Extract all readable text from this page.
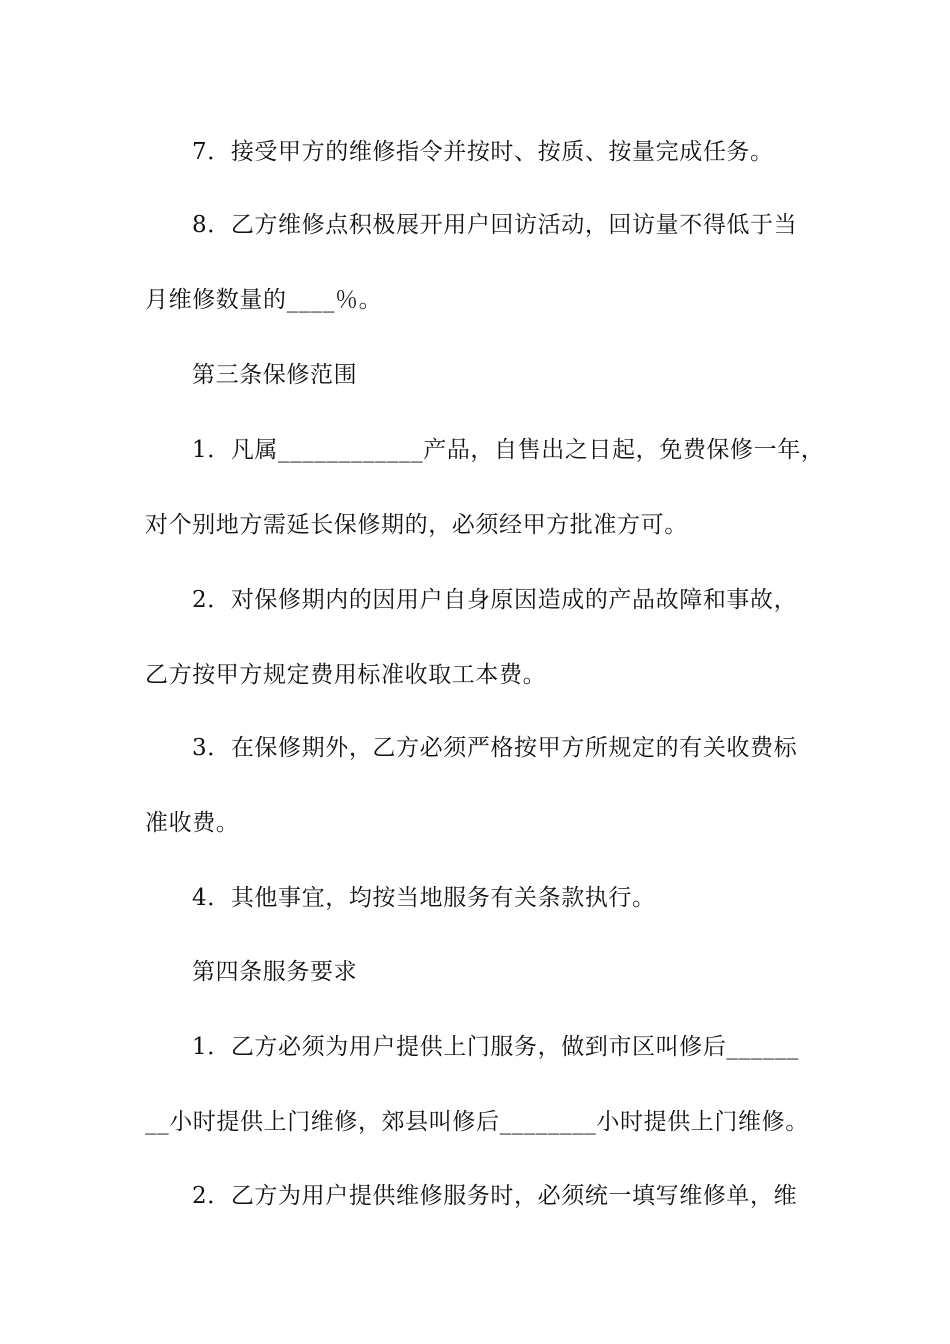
7．接受甲方的维修指令并按时、按质、按量完成任务。
8．乙方维修点积极展开用户回访活动，回访量不得低于当
月维修数量的____％。
第三条保修范围
1．凡属____________产品，自售出之日起，免费保修一年，
对个别地方需延长保修期的，必须经甲方批准方可。
2．对保修期内的因用户自身原因造成的产品故障和事故，
乙方按甲方规定费用标准收取工本费。
3．在保修期外，乙方必须严格按甲方所规定的有关收费标
准收费。
4．其他事宜，均按当地服务有关条款执行。
第四条服务要求
1．乙方必须为用户提供上门服务，做到市区叫修后______
__小时提供上门维修，郊县叫修后________小时提供上门维修。
2．乙方为用户提供维修服务时，必须统一填写维修单，维
